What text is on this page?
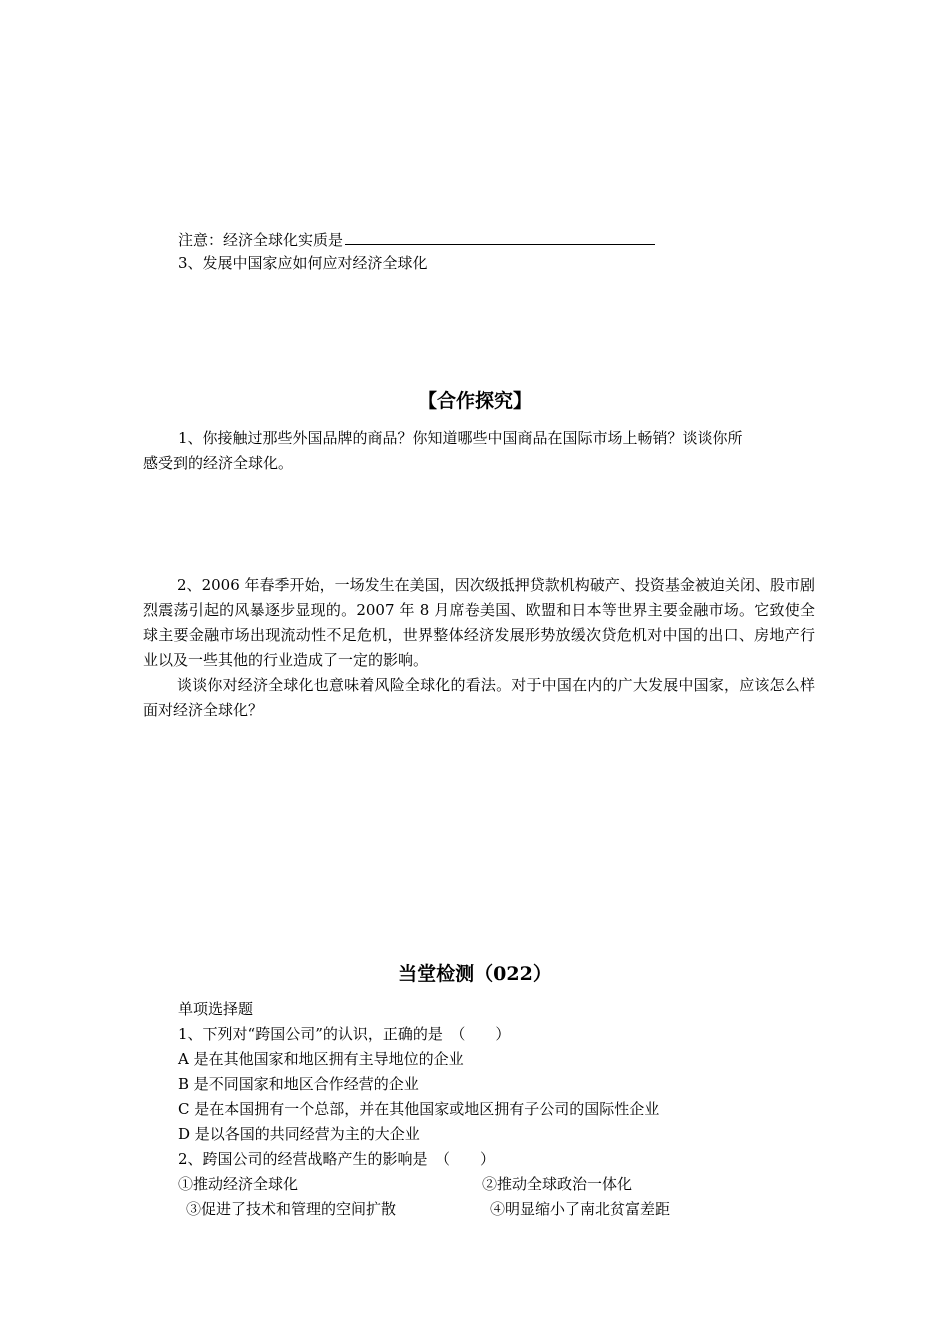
注意：经济全球化实质是
3、发展中国家应如何应对经济全球化
【合作探究】
1、你接触过那些外国品牌的商品？你知道哪些中国商品在国际市场上畅销？谈谈你所
感受到的经济全球化。
2、2006 年春季开始，一场发生在美国，因次级抵押贷款机构破产、投资基金被迫关闭、股市剧烈震荡引起的风暴逐步显现的。2007 年 8 月席卷美国、欧盟和日本等世界主要金融市场。它致使全球主要金融市场出现流动性不足危机，世界整体经济发展形势放缓次贷危机对中国的出口、房地产行业以及一些其他的行业造成了一定的影响。
谈谈你对经济全球化也意味着风险全球化的看法。对于中国在内的广大发展中国家，应该怎么样面对经济全球化？
当堂检测（022）
单项选择题
1、下列对“跨国公司”的认识，正确的是　（　　）
A 是在其他国家和地区拥有主导地位的企业
B 是不同国家和地区合作经营的企业
C 是在本国拥有一个总部，并在其他国家或地区拥有子公司的国际性企业
D 是以各国的共同经营为主的大企业
2、跨国公司的经营战略产生的影响是　（　　）
①推动经济全球化	②推动全球政治一体化
③促进了技术和管理的空间扩散	④明显缩小了南北贫富差距
